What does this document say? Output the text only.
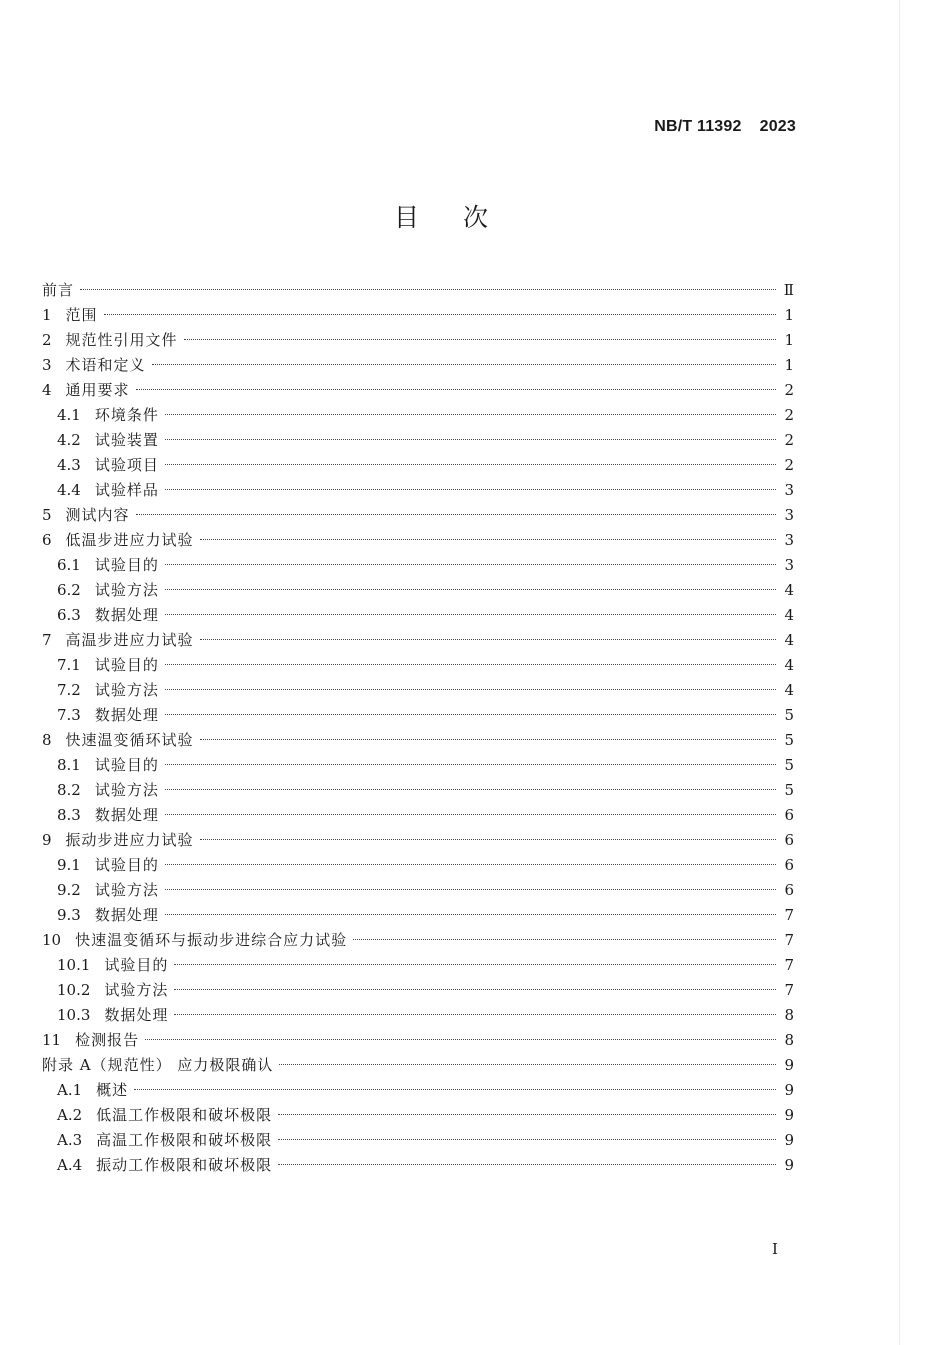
NB/T 11392 2023
目次
前言	Ⅱ
1 范围	1
2 规范性引用文件	1
3 术语和定义	1
4 通用要求	2
4.1 环境条件	2
4.2 试验装置	2
4.3 试验项目	2
4.4 试验样品	3
5 测试内容	3
6 低温步进应力试验	3
6.1 试验目的	3
6.2 试验方法	4
6.3 数据处理	4
7 高温步进应力试验	4
7.1 试验目的	4
7.2 试验方法	4
7.3 数据处理	5
8 快速温变循环试验	5
8.1 试验目的	5
8.2 试验方法	5
8.3 数据处理	6
9 振动步进应力试验	6
9.1 试验目的	6
9.2 试验方法	6
9.3 数据处理	7
10 快速温变循环与振动步进综合应力试验	7
10.1 试验目的	7
10.2 试验方法	7
10.3 数据处理	8
11 检测报告	8
附录 A（规范性） 应力极限确认	9
A.1 概述	9
A.2 低温工作极限和破坏极限	9
A.3 高温工作极限和破坏极限	9
A.4 振动工作极限和破坏极限	9
I
